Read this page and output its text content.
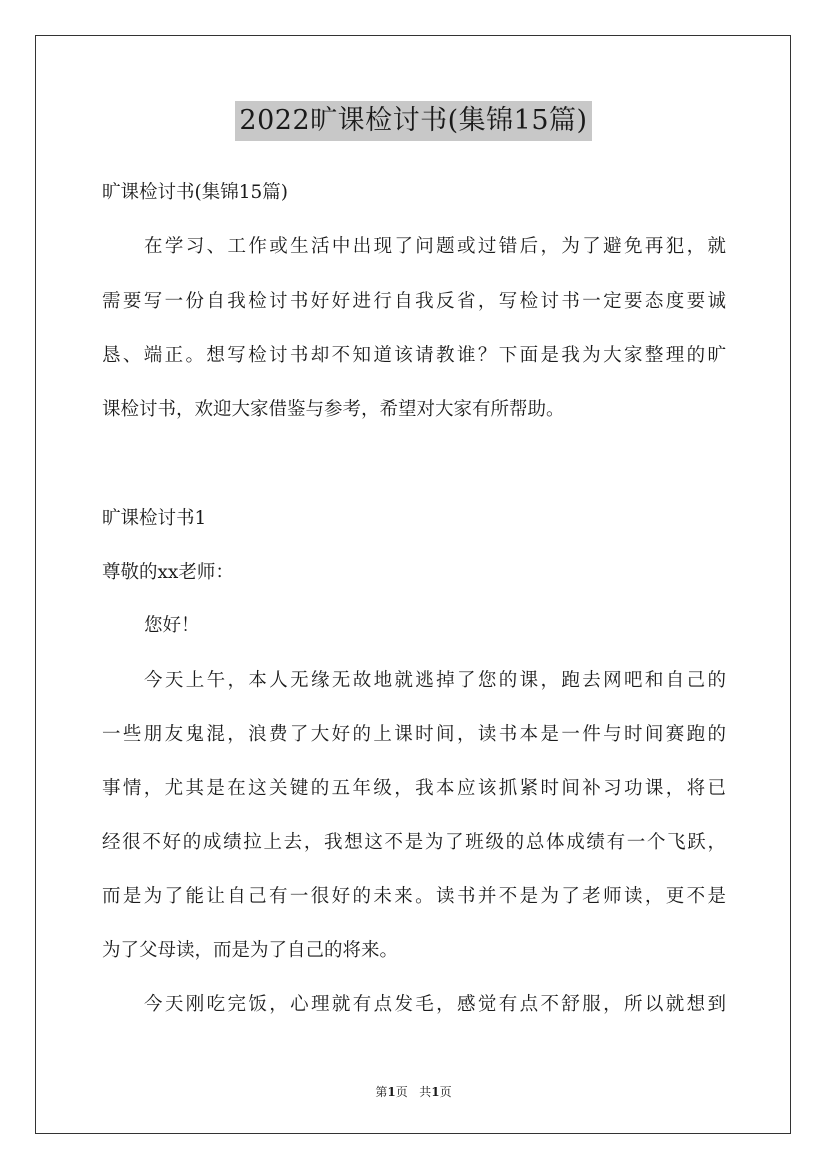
2022旷课检讨书(集锦15篇)
旷课检讨书(集锦15篇)
在学习、工作或生活中出现了问题或过错后，为了避免再犯，就
需要写一份自我检讨书好好进行自我反省，写检讨书一定要态度要诚
恳、端正。想写检讨书却不知道该请教谁？下面是我为大家整理的旷
课检讨书，欢迎大家借鉴与参考，希望对大家有所帮助。
旷课检讨书1
尊敬的xx老师：
您好！
今天上午，本人无缘无故地就逃掉了您的课，跑去网吧和自己的
一些朋友鬼混，浪费了大好的上课时间，读书本是一件与时间赛跑的
事情，尤其是在这关键的五年级，我本应该抓紧时间补习功课，将已
经很不好的成绩拉上去，我想这不是为了班级的总体成绩有一个飞跃，
而是为了能让自己有一很好的未来。读书并不是为了老师读，更不是
为了父母读，而是为了自己的将来。
今天刚吃完饭，心理就有点发毛，感觉有点不舒服，所以就想到
第1页 共1页
